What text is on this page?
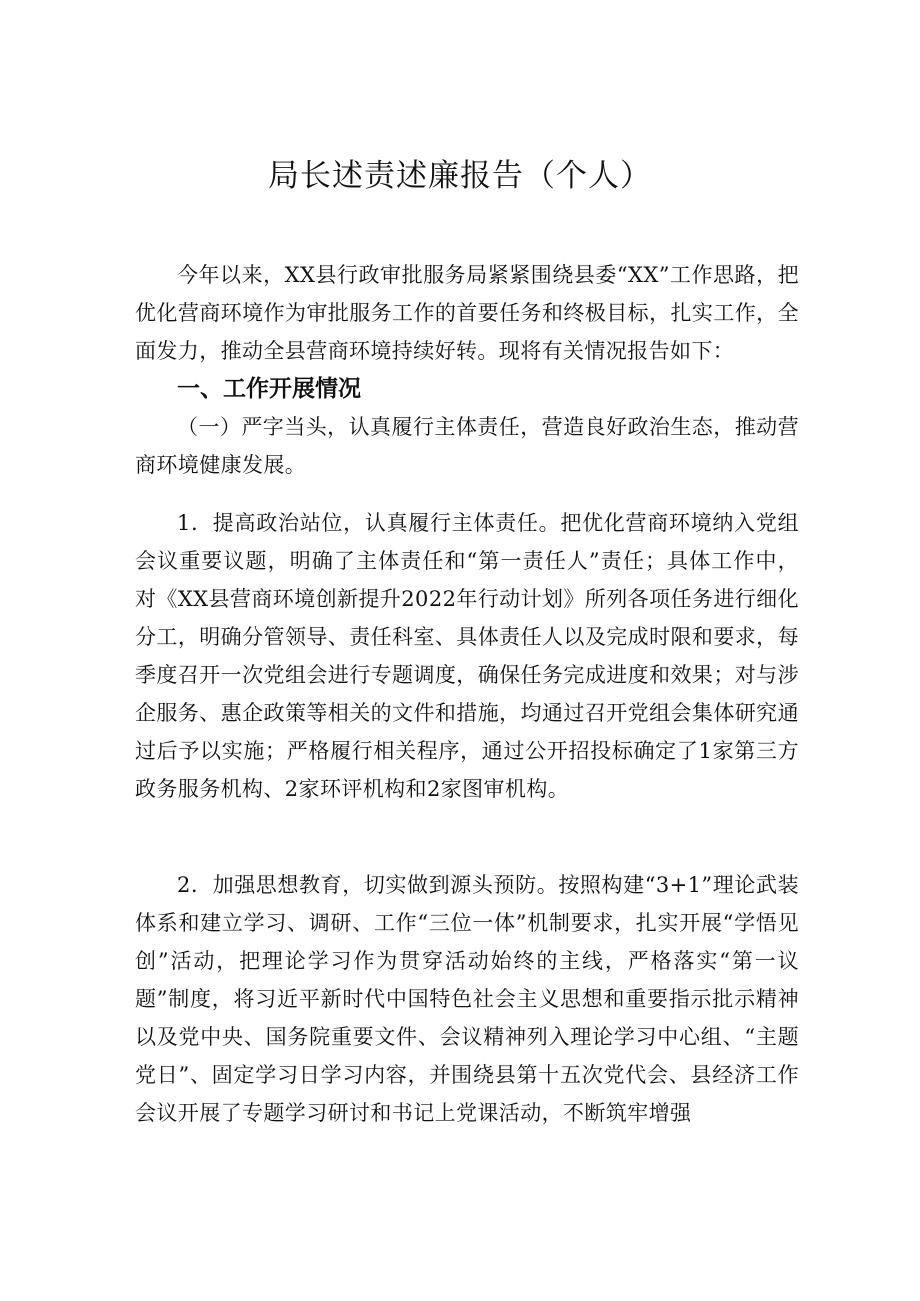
局长述责述廉报告（个人）

今年以来，XX县行政审批服务局紧紧围绕县委“XX”工作思路，把优化营商环境作为审批服务工作的首要任务和终极目标，扎实工作，全面发力，推动全县营商环境持续好转。现将有关情况报告如下：

一、工作开展情况

（一）严字当头，认真履行主体责任，营造良好政治生态，推动营商环境健康发展。

1．提高政治站位，认真履行主体责任。把优化营商环境纳入党组会议重要议题，明确了主体责任和“第一责任人”责任；具体工作中，对《XX县营商环境创新提升2022年行动计划》所列各项任务进行细化分工，明确分管领导、责任科室、具体责任人以及完成时限和要求，每季度召开一次党组会进行专题调度，确保任务完成进度和效果；对与涉企服务、惠企政策等相关的文件和措施，均通过召开党组会集体研究通过后予以实施；严格履行相关程序，通过公开招投标确定了1家第三方政务服务机构、2家环评机构和2家图审机构。

2．加强思想教育，切实做到源头预防。按照构建“3+1”理论武装体系和建立学习、调研、工作“三位一体”机制要求，扎实开展“学悟见创”活动，把理论学习作为贯穿活动始终的主线，严格落实“第一议题”制度，将习近平新时代中国特色社会主义思想和重要指示批示精神以及党中央、国务院重要文件、会议精神列入理论学习中心组、“主题党日”、固定学习日学习内容，并围绕县第十五次党代会、县经济工作会议开展了专题学习研讨和书记上党课活动，不断筑牢增强
